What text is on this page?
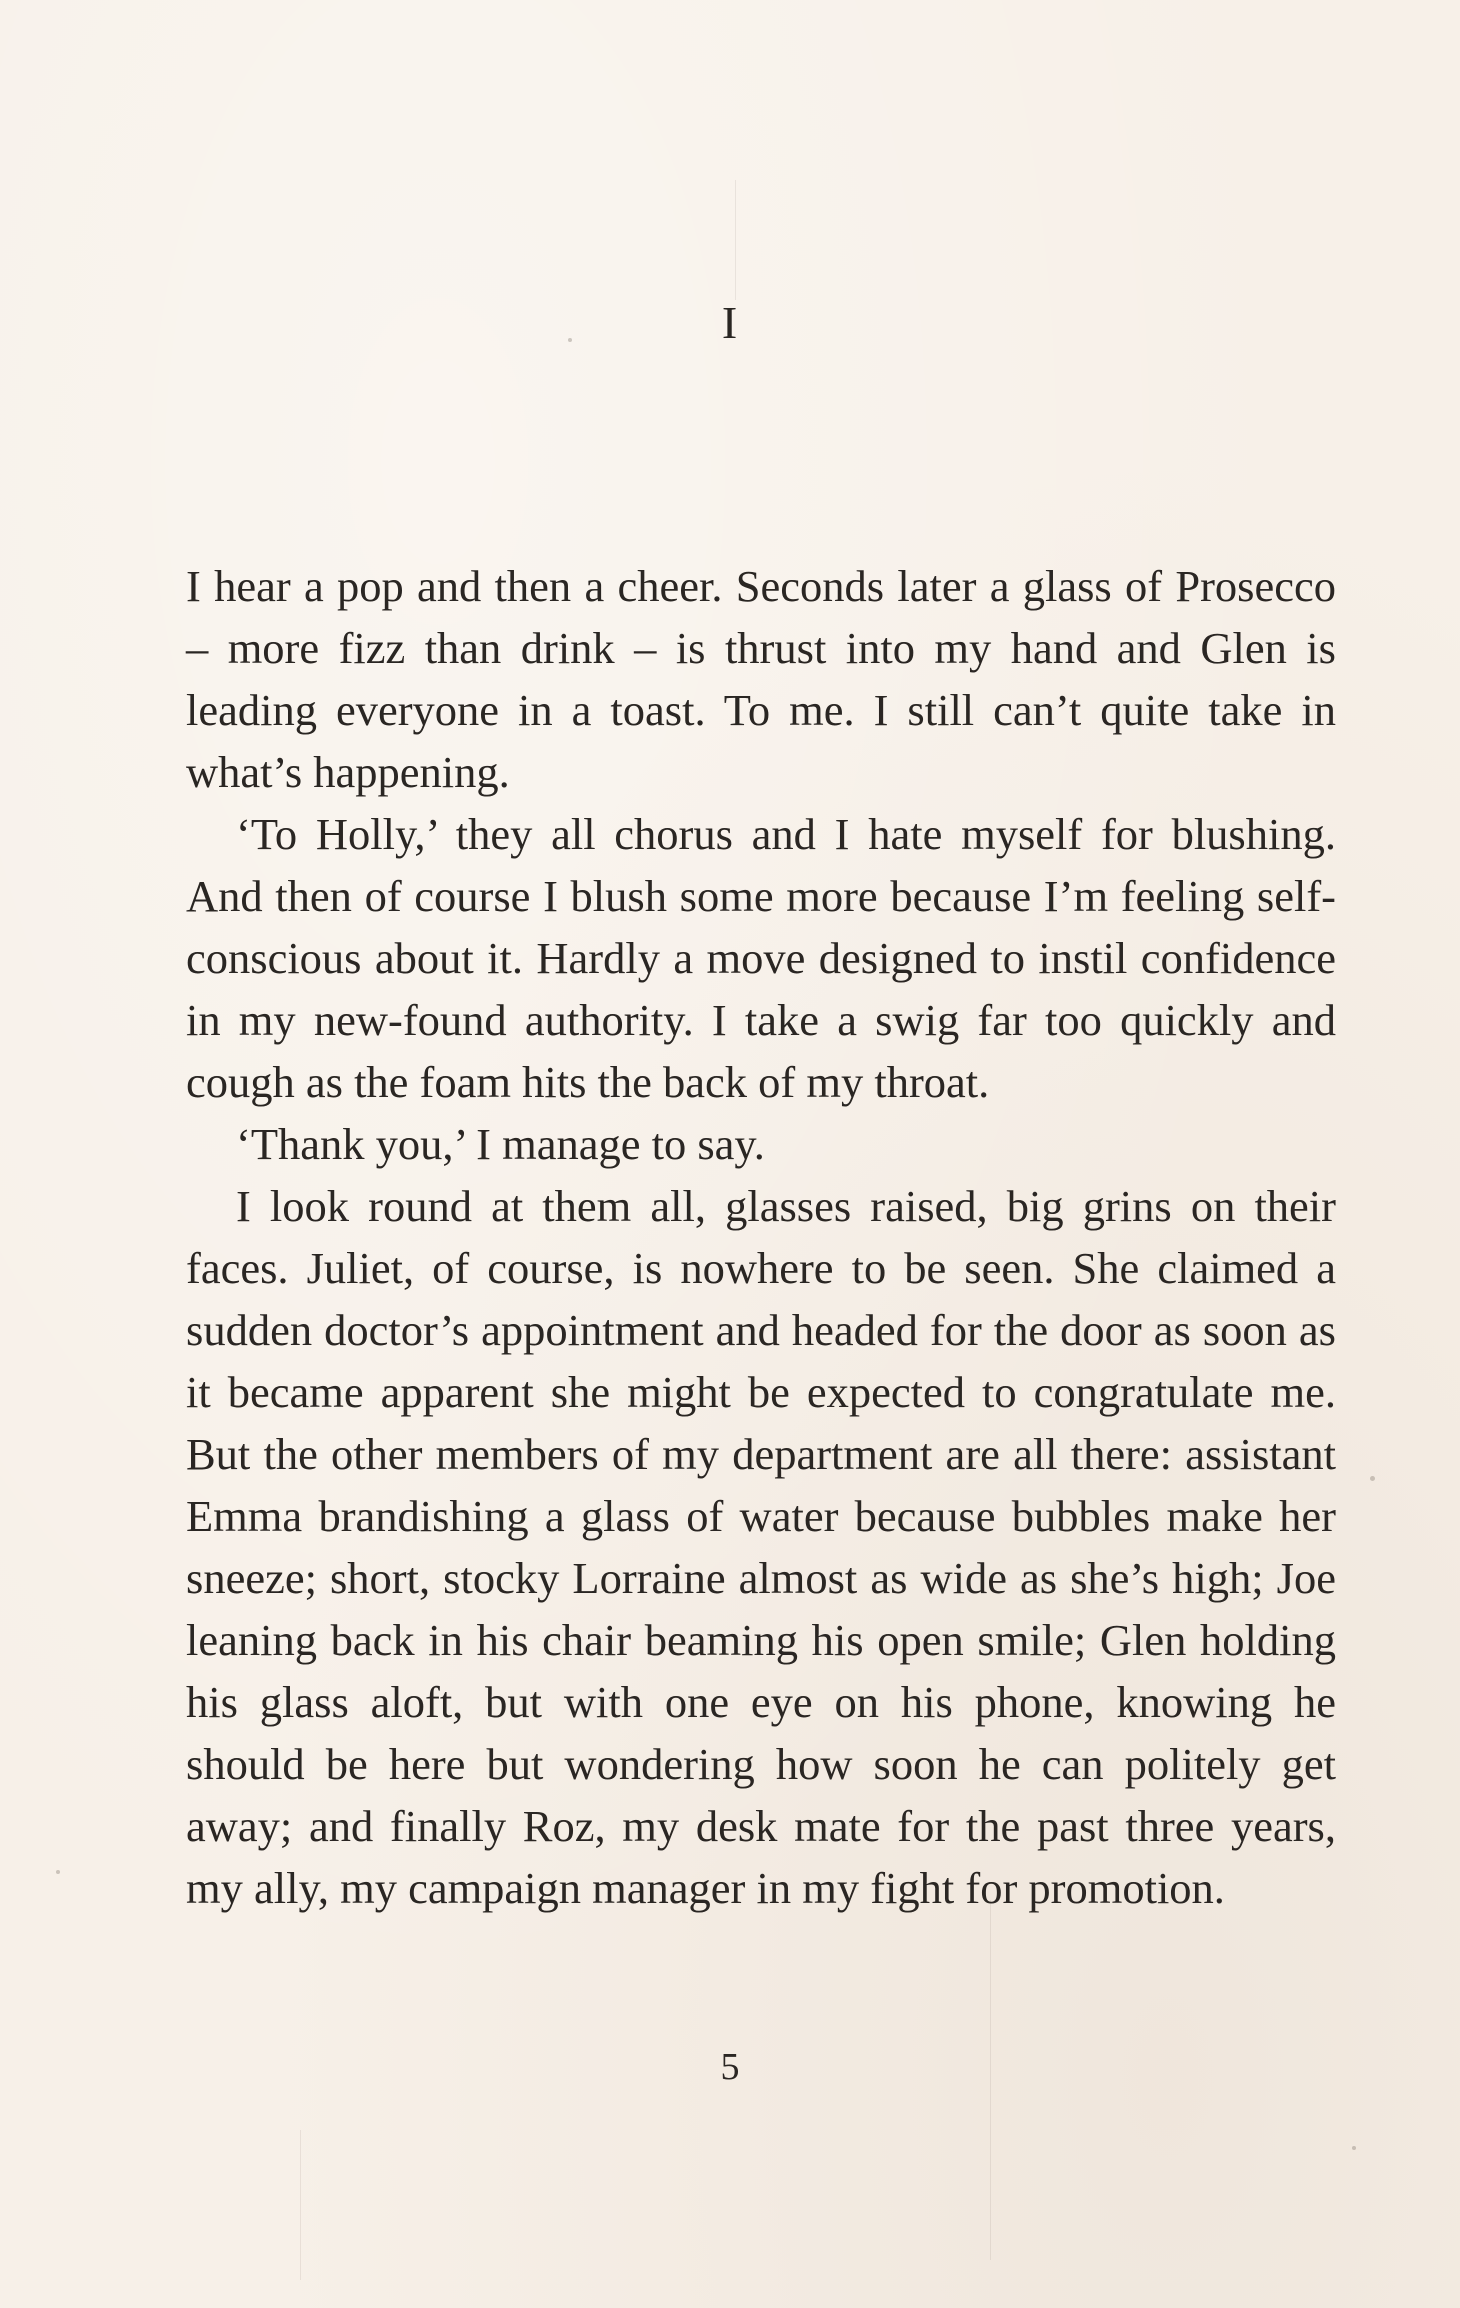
I

I hear a pop and then a cheer. Seconds later a glass of Prosecco – more fizz than drink – is thrust into my hand and Glen is leading everyone in a toast. To me. I still can’t quite take in what’s happening.

‘To Holly,’ they all chorus and I hate myself for blushing. And then of course I blush some more because I’m feeling self-conscious about it. Hardly a move designed to instil confidence in my new-found authority. I take a swig far too quickly and cough as the foam hits the back of my throat.

‘Thank you,’ I manage to say.

I look round at them all, glasses raised, big grins on their faces. Juliet, of course, is nowhere to be seen. She claimed a sudden doctor’s appointment and headed for the door as soon as it became apparent she might be expected to congratulate me. But the other members of my department are all there: assistant Emma brandishing a glass of water because bubbles make her sneeze; short, stocky Lorraine almost as wide as she’s high; Joe leaning back in his chair beaming his open smile; Glen holding his glass aloft, but with one eye on his phone, knowing he should be here but wondering how soon he can politely get away; and finally Roz, my desk mate for the past three years, my ally, my campaign manager in my fight for promotion.

5
